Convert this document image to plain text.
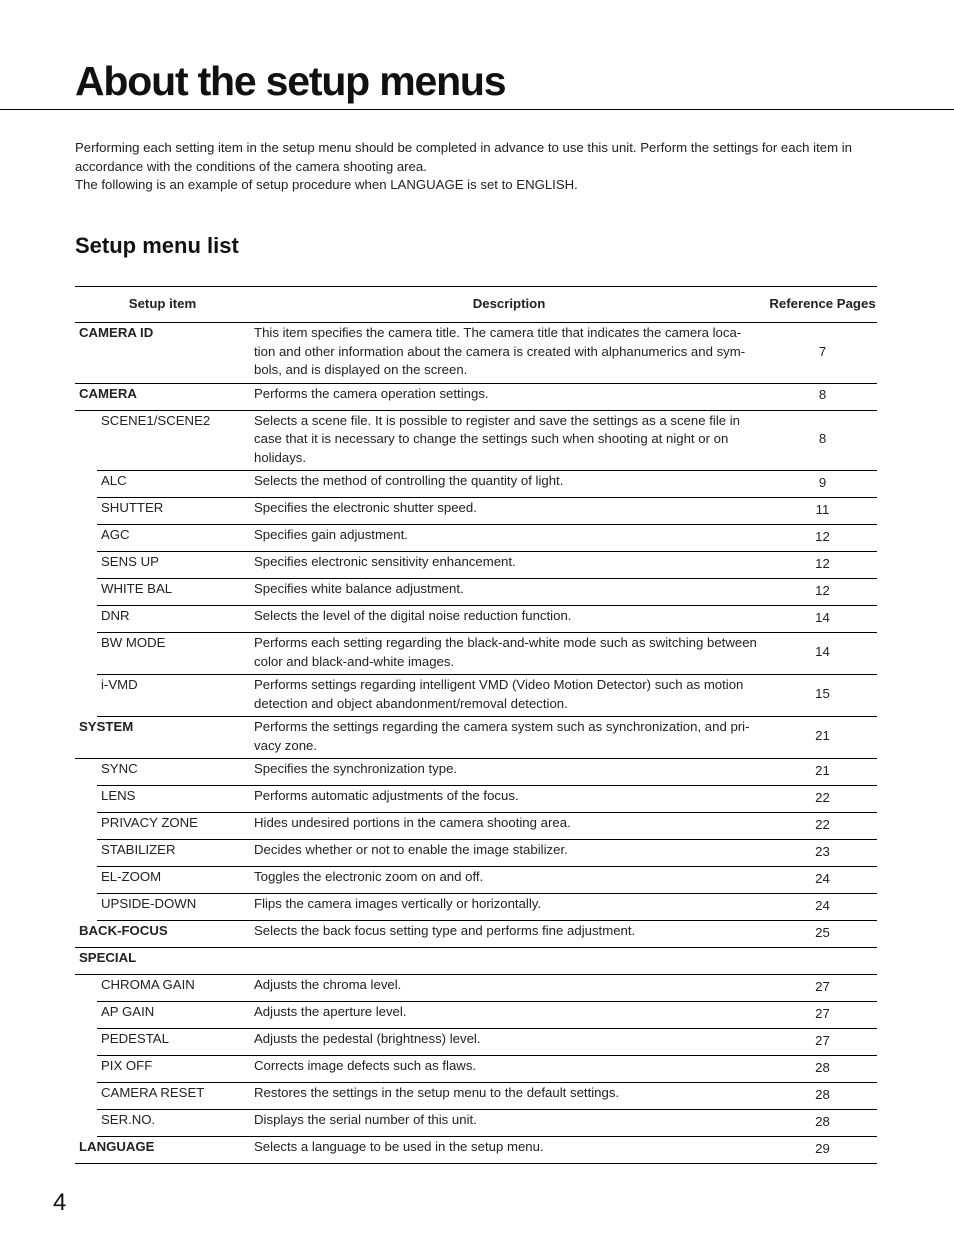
About the setup menus

Performing each setting item in the setup menu should be completed in advance to use this unit. Perform the settings for each item in accordance with the conditions of the camera shooting area.

The following is an example of setup procedure when LANGUAGE is set to ENGLISH.

Setup menu list
Setup item		Description	Reference Pages
CAMERA ID		This item specifies the camera title. The camera title that indicates the camera loca-tion and other information about the camera is created with alphanumerics and sym-bols, and is displayed on the screen.	7
CAMERA		Performs the camera operation settings.	8
	SCENE1/SCENE2	Selects a scene file. It is possible to register and save the settings as a scene file in case that it is necessary to change the settings such when shooting at night or on holidays.	8
	ALC	Selects the method of controlling the quantity of light.	9
	SHUTTER	Specifies the electronic shutter speed.	11
	AGC	Specifies gain adjustment.	12
	SENS UP	Specifies electronic sensitivity enhancement.	12
	WHITE BAL	Specifies white balance adjustment.	12
	DNR	Selects the level of the digital noise reduction function.	14
	BW MODE	Performs each setting regarding the black-and-white mode such as switching between color and black-and-white images.	14
	i-VMD	Performs settings regarding intelligent VMD (Video Motion Detector) such as motion detection and object abandonment/removal detection.	15
SYSTEM		Performs the settings regarding the camera system such as synchronization, and pri-vacy zone.	21
	SYNC	Specifies the synchronization type.	21
	LENS	Performs automatic adjustments of the focus.	22
	PRIVACY ZONE	Hides undesired portions in the camera shooting area.	22
	STABILIZER	Decides whether or not to enable the image stabilizer.	23
	EL-ZOOM	Toggles the electronic zoom on and off.	24
	UPSIDE-DOWN	Flips the camera images vertically or horizontally.	24
BACK-FOCUS		Selects the back focus setting type and performs fine adjustment.	25
SPECIAL			
	CHROMA GAIN	Adjusts the chroma level.	27
	AP GAIN	Adjusts the aperture level.	27
	PEDESTAL	Adjusts the pedestal (brightness) level.	27
	PIX OFF	Corrects image defects such as flaws.	28
	CAMERA RESET	Restores the settings in the setup menu to the default settings.	28
	SER.NO.	Displays the serial number of this unit.	28
LANGUAGE		Selects a language to be used in the setup menu.	29
4
